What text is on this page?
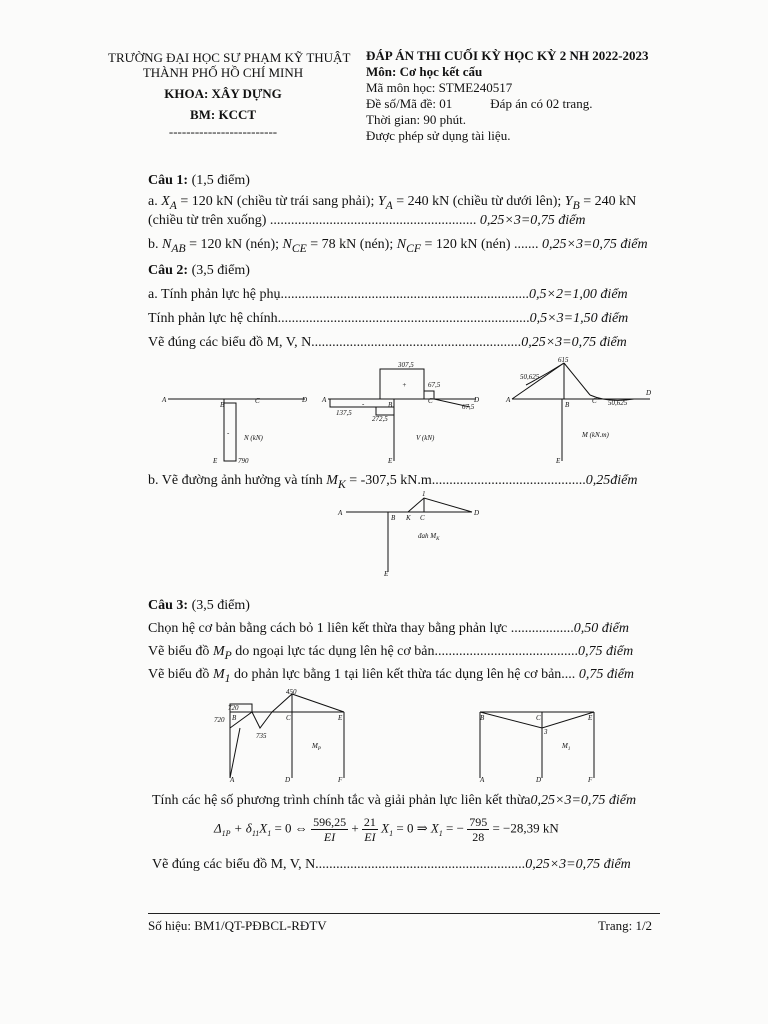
TRƯỜNG ĐẠI HỌC SƯ PHẠM KỸ THUẬT
THÀNH PHỐ HỒ CHÍ MINH
KHOA: XÂY DỰNG
BM: KCCT
-------------------------
ĐÁP ÁN THI CUỐI KỲ HỌC KỲ 2 NH 2022-2023
Môn: Cơ học kết cấu
Mã môn học: STME240517
Đề số/Mã đề: 01	Đáp án có 02 trang.
Thời gian: 90 phút.
Được phép sử dụng tài liệu.
Câu 1: (1,5 điểm)
a. $X_A = 120$ kN (chiều từ trái sang phải); $Y_A = 240$ kN (chiều từ dưới lên); $Y_B = 240$ kN
(chiều từ trên xuống) ........................................................... 0,25×3=0,75 điểm
b. $N_{AB} = 120$ kN (nén); $N_{CE} = 78$ kN (nén); $N_{CF} = 120$ kN (nén) ....... 0,25×3=0,75 điểm
Câu 2: (3,5 điểm)
a. Tính phản lực hệ phụ.......................................................................0,5×2=1,00 điểm
Tính phản lực hệ chính........................................................................0,5×3=1,50 điểm
Vẽ đúng các biểu đồ M, V, N............................................................0,25×3=0,75 điểm
A
B	C	D
E
-
790
N (kN)
A
B	C	D
E
307,5
67,5
137,5
272,5
67,5
+
-
V (kN)
A
B	C
D
E
615
50,625
50,625
M (kN.m)
b. Vẽ đường ảnh hưởng và tính $M_K = -307,5$ kN.m............................................0,25điểm
A
B K C
D
E
1
đah $M_K$
Câu 3: (3,5 điểm)
Chọn hệ cơ bản bằng cách bỏ 1 liên kết thừa thay bằng phản lực ..................0,50 điểm
Vẽ biểu đồ $M_P$ do ngoại lực tác dụng lên hệ cơ bản.........................................0,75 điểm
Vẽ biểu đồ $M_1$ do phản lực bằng 1 tại liên kết thừa tác dụng lên hệ cơ bản.... 0,75 điểm
720
720
450
735
B	C	E
A	D	F
$M_P$
B	C	E
A	D	F
3
$M_1$
Tính các hệ số phương trình chính tắc và giải phản lực liên kết thừa0,25×3=0,75 điểm
$\Delta_{1P} + \delta_{11}X_1 = 0$ ⇔ $\frac{596,25}{EI} + \frac{21}{EI} X_1 = 0$ ⇒ $X_1$ = − $\frac{795}{28} = -28,39$ kN
Vẽ đúng các biểu đồ M, V, N............................................................0,25×3=0,75 điểm
Số hiệu: BM1/QT-PĐBCL-RĐTV	Trang: 1/2
